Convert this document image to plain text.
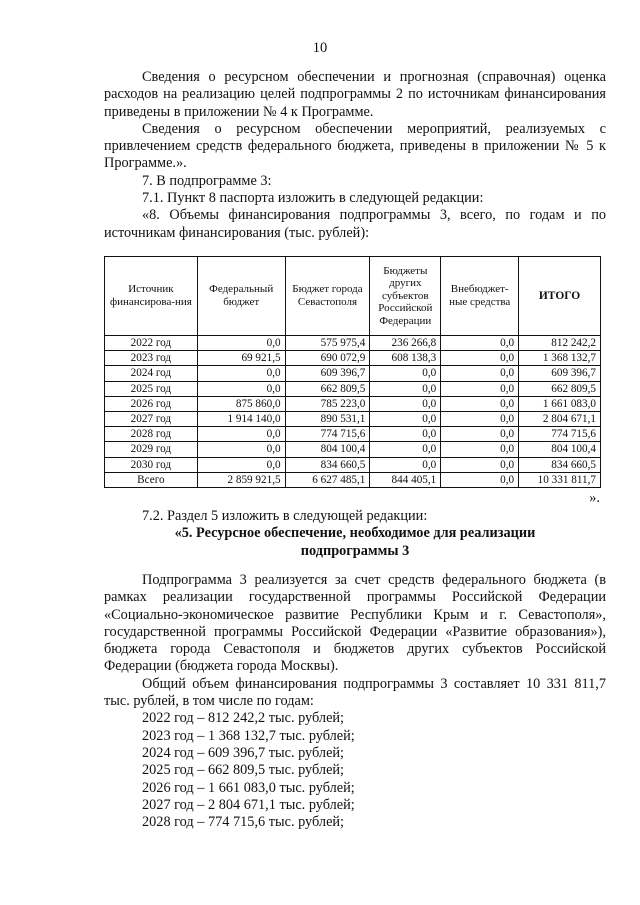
10

Сведения о ресурсном обеспечении и прогнозная (справочная) оценка расходов на реализацию целей подпрограммы 2 по источникам финансирования приведены в приложении № 4 к Программе.

Сведения о ресурсном обеспечении мероприятий, реализуемых с привлечением средств федерального бюджета, приведены в приложении № 5 к Программе.».

7. В подпрограмме 3:

7.1. Пункт 8 паспорта изложить в следующей редакции:

«8. Объемы финансирования подпрограммы 3, всего, по годам и по источникам финансирования (тыс. рублей):

Источник финансирова-ния	Федеральный бюджет	Бюджет города Севастополя	Бюджеты других субъектов Российской Федерации	Внебюджет-ные средства	ИТОГО
2022 год	0,0	575 975,4	236 266,8	0,0	812 242,2
2023 год	69 921,5	690 072,9	608 138,3	0,0	1 368 132,7
2024 год	0,0	609 396,7	0,0	0,0	609 396,7
2025 год	0,0	662 809,5	0,0	0,0	662 809,5
2026 год	875 860,0	785 223,0	0,0	0,0	1 661 083,0
2027 год	1 914 140,0	890 531,1	0,0	0,0	2 804 671,1
2028 год	0,0	774 715,6	0,0	0,0	774 715,6
2029 год	0,0	804 100,4	0,0	0,0	804 100,4
2030 год	0,0	834 660,5	0,0	0,0	834 660,5
Всего	2 859 921,5	6 627 485,1	844 405,1	0,0	10 331 811,7
».

7.2. Раздел 5 изложить в следующей редакции:

«5. Ресурсное обеспечение, необходимое для реализации

подпрограммы 3

Подпрограмма 3 реализуется за счет средств федерального бюджета (в рамках реализации государственной программы Российской Федерации «Социально-экономическое развитие Республики Крым и г. Севастополя», государственной программы Российской Федерации «Развитие образования»), бюджета города Севастополя и бюджетов других субъектов Российской Федерации (бюджета города Москвы).

Общий объем финансирования подпрограммы 3 составляет 10 331 811,7 тыс. рублей, в том числе по годам:

2022 год – 812 242,2 тыс. рублей;

2023 год – 1 368 132,7 тыс. рублей;

2024 год – 609 396,7 тыс. рублей;

2025 год – 662 809,5 тыс. рублей;

2026 год – 1 661 083,0 тыс. рублей;

2027 год – 2 804 671,1 тыс. рублей;

2028 год – 774 715,6 тыс. рублей;
